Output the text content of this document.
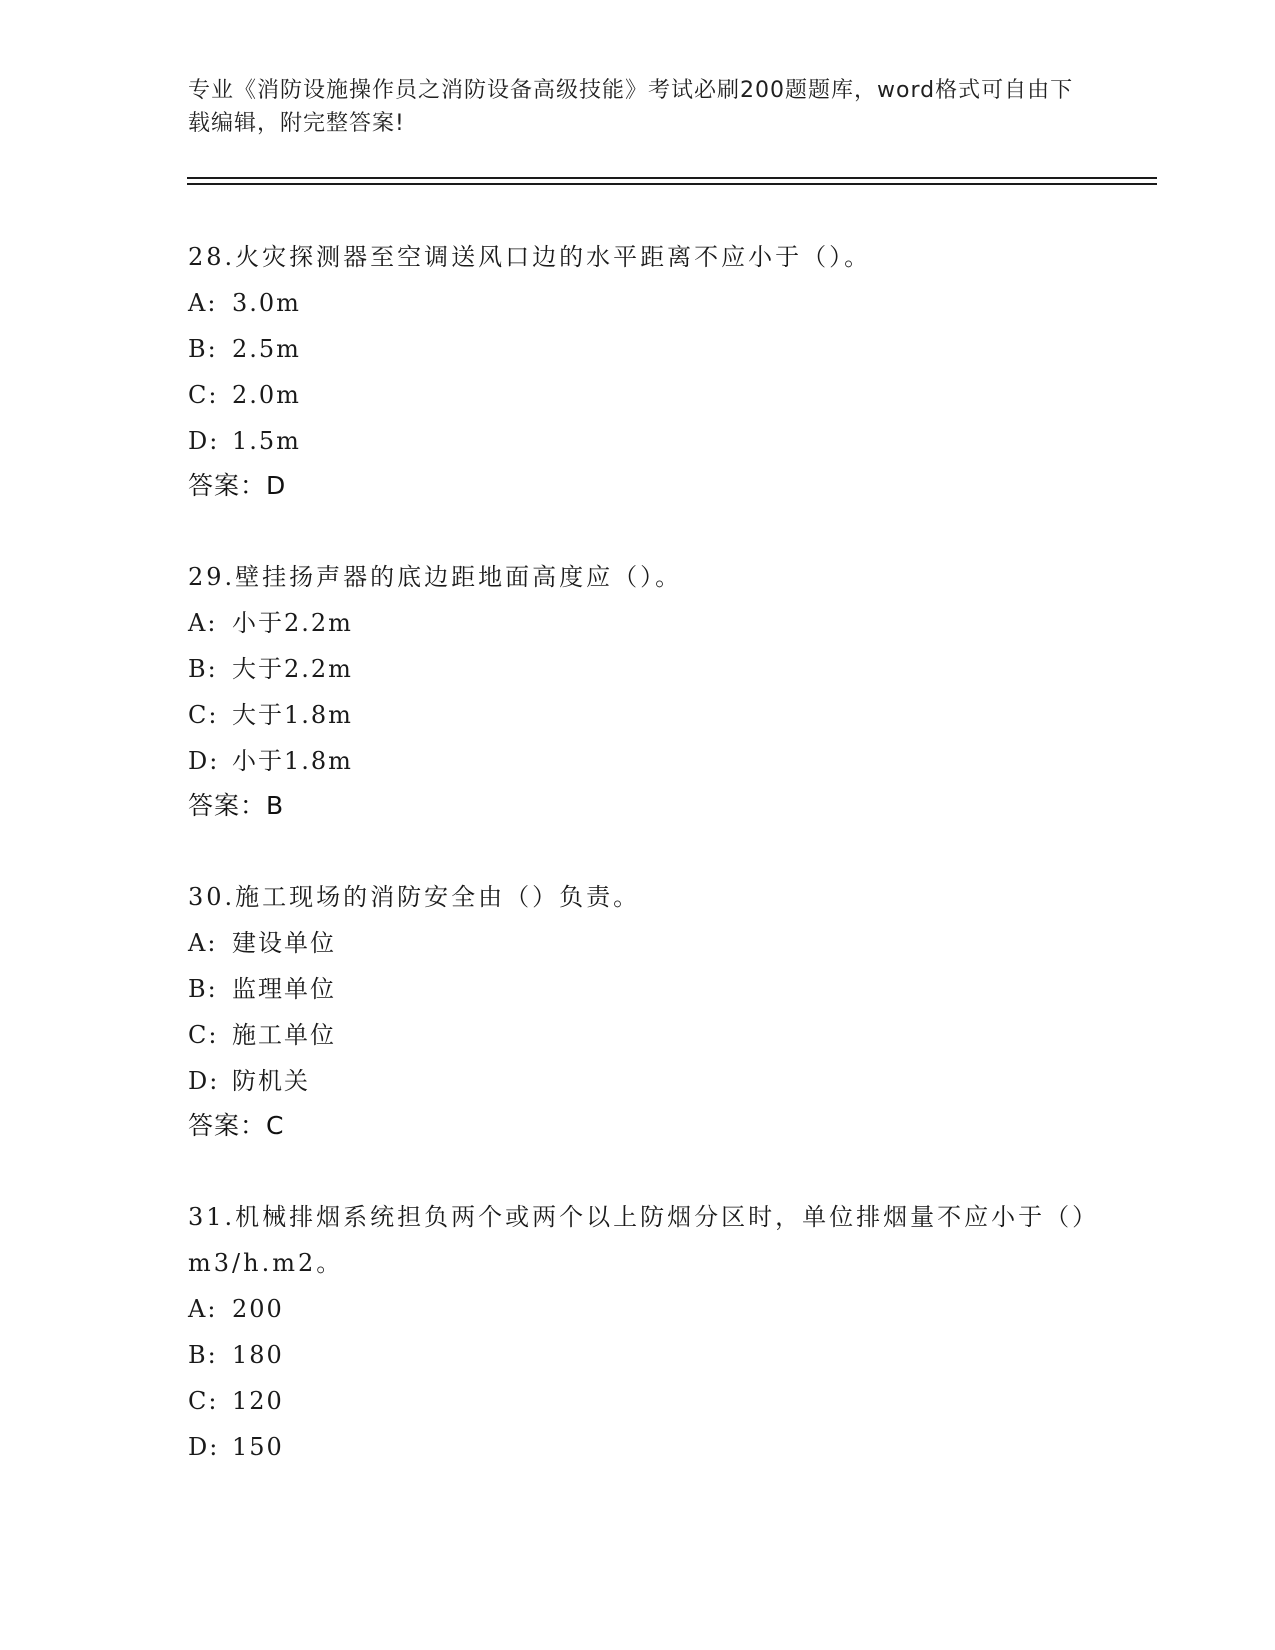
专业《消防设施操作员之消防设备高级技能》考试必刷200题题库，word格式可自由下载编辑，附完整答案!
28.火灾探测器至空调送风口边的水平距离不应小于（）。
A: 3.0m
B: 2.5m
C: 2.0m
D: 1.5m
答案：D
29.壁挂扬声器的底边距地面高度应（）。
A: 小于2.2m
B: 大于2.2m
C: 大于1.8m
D: 小于1.8m
答案：B
30.施工现场的消防安全由（）负责。
A: 建设单位
B: 监理单位
C: 施工单位
D: 防机关
答案：C
31.机械排烟系统担负两个或两个以上防烟分区时，单位排烟量不应小于（）m3/h.m2。
A: 200
B: 180
C: 120
D: 150
